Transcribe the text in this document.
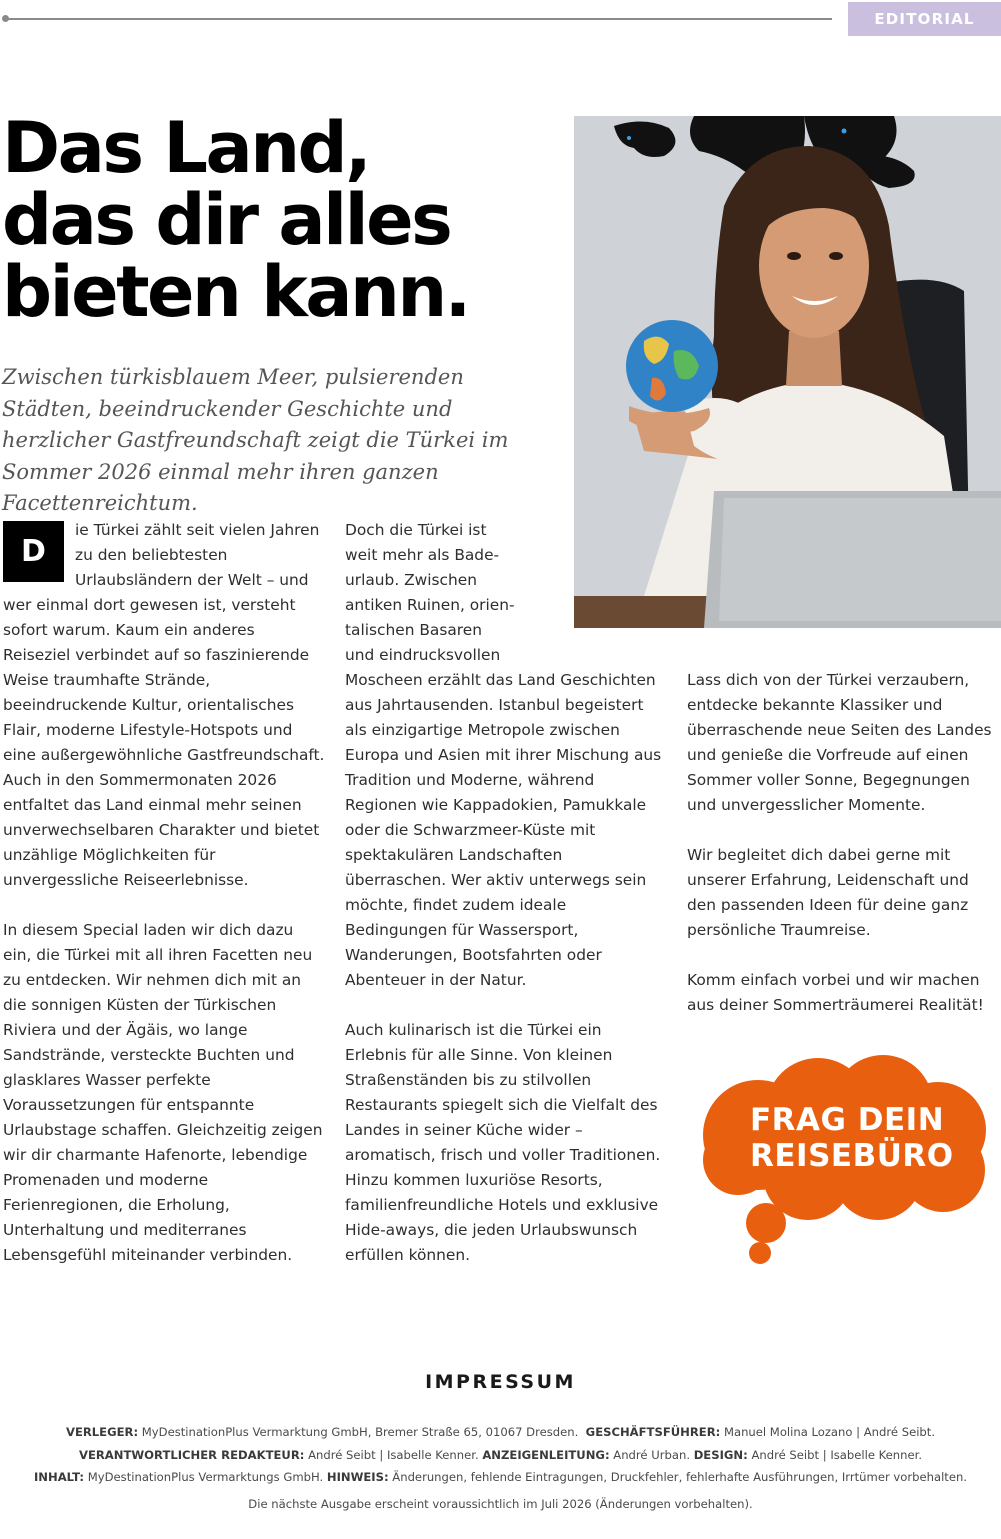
EDITORIAL
Das Land,
das dir alles
bieten kann.

Zwischen türkisblauem Meer, pulsierenden Städten, beeindruckender Geschichte und herzlicher Gastfreundschaft zeigt die Türkei im Sommer 2026 einmal mehr ihren ganzen Facettenreichtum.

D
ie Türkei zählt seit vielen Jahren zu den beliebtesten Urlaubsländern der Welt – und wer einmal dort gewesen ist, versteht sofort warum. Kaum ein anderes Reiseziel verbindet auf so faszinierende Weise traumhafte Strände, beeindruckende Kultur, orientalisches Flair, moderne Lifestyle-Hotspots und eine außergewöhnliche Gastfreundschaft. Auch in den Sommermonaten 2026 entfaltet das Land einmal mehr seinen unverwechselbaren Charakter und bietet unzählige Möglichkeiten für unvergessliche Reiseerlebnisse.

In diesem Special laden wir dich dazu ein, die Türkei mit all ihren Facetten neu zu entdecken. Wir nehmen dich mit an die sonnigen Küsten der Türkischen Riviera und der Ägäis, wo lange Sandstrände, versteckte Buchten und glasklares Wasser perfekte Voraussetzungen für entspannte Urlaubstage schaffen. Gleichzeitig zeigen wir dir charmante Hafenorte, lebendige Promenaden und moderne Ferienregionen, die Erholung, Unterhaltung und mediterranes Lebensgefühl miteinander verbinden.

Doch die Türkei ist
weit mehr als Bade-
urlaub. Zwischen
antiken Ruinen, orien-
talischen Basaren
und eindrucksvollen
Moscheen erzählt das Land Geschichten aus Jahrtausenden. Istanbul begeistert als einzigartige Metropole zwischen Europa und Asien mit ihrer Mischung aus Tradition und Moderne, während Regionen wie Kappadokien, Pamukkale oder die Schwarzmeer-Küste mit spektakulären Landschaften überraschen. Wer aktiv unterwegs sein möchte, findet zudem ideale Bedingungen für Wassersport, Wanderungen, Bootsfahrten oder Abenteuer in der Natur.

Auch kulinarisch ist die Türkei ein Erlebnis für alle Sinne. Von kleinen Straßenständen bis zu stilvollen Restaurants spiegelt sich die Vielfalt des Landes in seiner Küche wider – aromatisch, frisch und voller Traditionen. Hinzu kommen luxuriöse Resorts, familienfreundliche Hotels und exklusive Hide-aways, die jeden Urlaubswunsch erfüllen können.

Lass dich von der Türkei verzaubern, entdecke bekannte Klassiker und überraschende neue Seiten des Landes und genieße die Vorfreude auf einen Sommer voller Sonne, Begegnungen und unvergesslicher Momente.

Wir begleitet dich dabei gerne mit unserer Erfahrung, Leidenschaft und den passenden Ideen für deine ganz persönliche Traumreise.

Komm einfach vorbei und wir machen aus deiner Sommerträumerei Realität!

FRAG DEIN
REISEBÜRO
IMPRESSUM
VERLEGER: MyDestinationPlus Vermarktung GmbH, Bremer Straße 65, 01067 Dresden. GESCHÄFTSFÜHRER: Manuel Molina Lozano | André Seibt.
VERANTWORTLICHER REDAKTEUR: André Seibt | Isabelle Kenner. ANZEIGENLEITUNG: André Urban. DESIGN: André Seibt | Isabelle Kenner.
INHALT: MyDestinationPlus Vermarktungs GmbH. HINWEIS: Änderungen, fehlende Eintragungen, Druckfehler, fehlerhafte Ausführungen, Irrtümer vorbehalten.
Die nächste Ausgabe erscheint voraussichtlich im Juli 2026 (Änderungen vorbehalten).
